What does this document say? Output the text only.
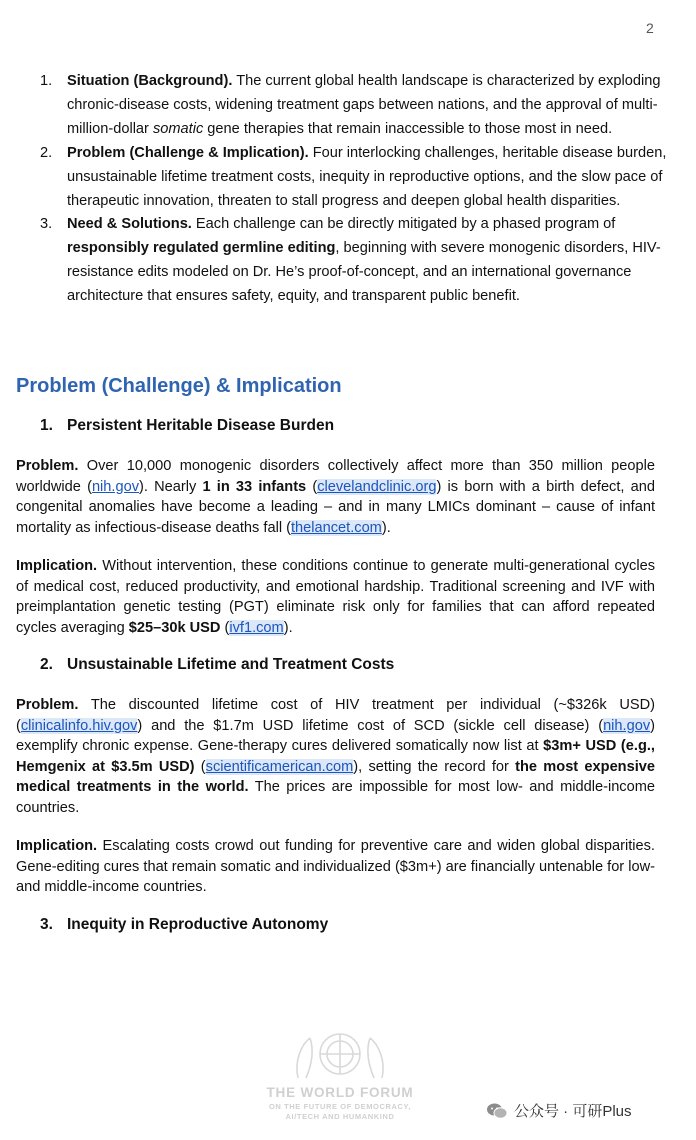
2
1. Situation (Background). The current global health landscape is characterized by exploding chronic-disease costs, widening treatment gaps between nations, and the approval of multi-million-dollar somatic gene therapies that remain inaccessible to those most in need.
2. Problem (Challenge & Implication). Four interlocking challenges, heritable disease burden, unsustainable lifetime treatment costs, inequity in reproductive options, and the slow pace of therapeutic innovation, threaten to stall progress and deepen global health disparities.
3. Need & Solutions. Each challenge can be directly mitigated by a phased program of responsibly regulated germline editing, beginning with severe monogenic disorders, HIV-resistance edits modeled on Dr. He’s proof-of-concept, and an international governance architecture that ensures safety, equity, and transparent public benefit.
Problem (Challenge) & Implication
1. Persistent Heritable Disease Burden

Problem. Over 10,000 monogenic disorders collectively affect more than 350 million people worldwide (nih.gov). Nearly 1 in 33 infants (clevelandclinic.org) is born with a birth defect, and congenital anomalies have become a leading – and in many LMICs dominant – cause of infant mortality as infectious-disease deaths fall (thelancet.com).

Implication. Without intervention, these conditions continue to generate multi-generational cycles of medical cost, reduced productivity, and emotional hardship. Traditional screening and IVF with preimplantation genetic testing (PGT) eliminate risk only for families that can afford repeated cycles averaging $25–30k USD (ivf1.com).

2. Unsustainable Lifetime and Treatment Costs

Problem. The discounted lifetime cost of HIV treatment per individual (~$326k USD) (clinicalinfo.hiv.gov) and the $1.7m USD lifetime cost of SCD (sickle cell disease) (nih.gov) exemplify chronic expense. Gene-therapy cures delivered somatically now list at $3m+ USD (e.g., Hemgenix at $3.5m USD) (scientificamerican.com), setting the record for the most expensive medical treatments in the world. The prices are impossible for most low- and middle-income countries.

Implication. Escalating costs crowd out funding for preventive care and widen global disparities. Gene-editing cures that remain somatic and individualized ($3m+) are financially untenable for low- and middle-income countries.

3. Inequity in Reproductive Autonomy
THE WORLD FORUM
ON THE FUTURE OF DEMOCRACY,
AI/TECH AND HUMANKIND	公众号 · 可研Plus
